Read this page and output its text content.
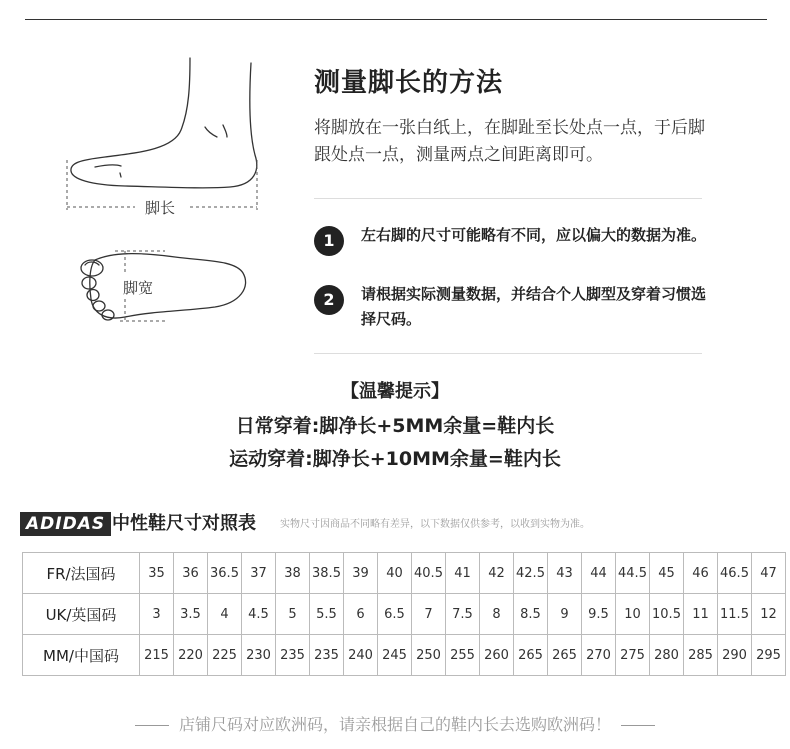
脚长
脚宽
测量脚长的方法
将脚放在一张白纸上，在脚趾至长处点一点，于后脚跟处点一点，测量两点之间距离即可。
1	左右脚的尺寸可能略有不同，应以偏大的数据为准。
2	请根据实际测量数据，并结合个人脚型及穿着习惯选择尺码。
【温馨提示】
日常穿着:脚净长+5MM余量=鞋内长
运动穿着:脚净长+10MM余量=鞋内长
ADIDAS 中性鞋尺寸对照表 实物尺寸因商品不同略有差异，以下数据仅供参考，以收到实物为准。
FR/法国码	35	36	36.5	37	38	38.5	39	40	40.5	41	42	42.5	43	44	44.5	45	46	46.5	47
UK/英国码	3	3.5	4	4.5	5	5.5	6	6.5	7	7.5	8	8.5	9	9.5	10	10.5	11	11.5	12
MM/中国码	215	220	225	230	235	235	240	245	250	255	260	265	265	270	275	280	285	290	295
店铺尺码对应欧洲码，请亲根据自己的鞋内长去选购欧洲码！
